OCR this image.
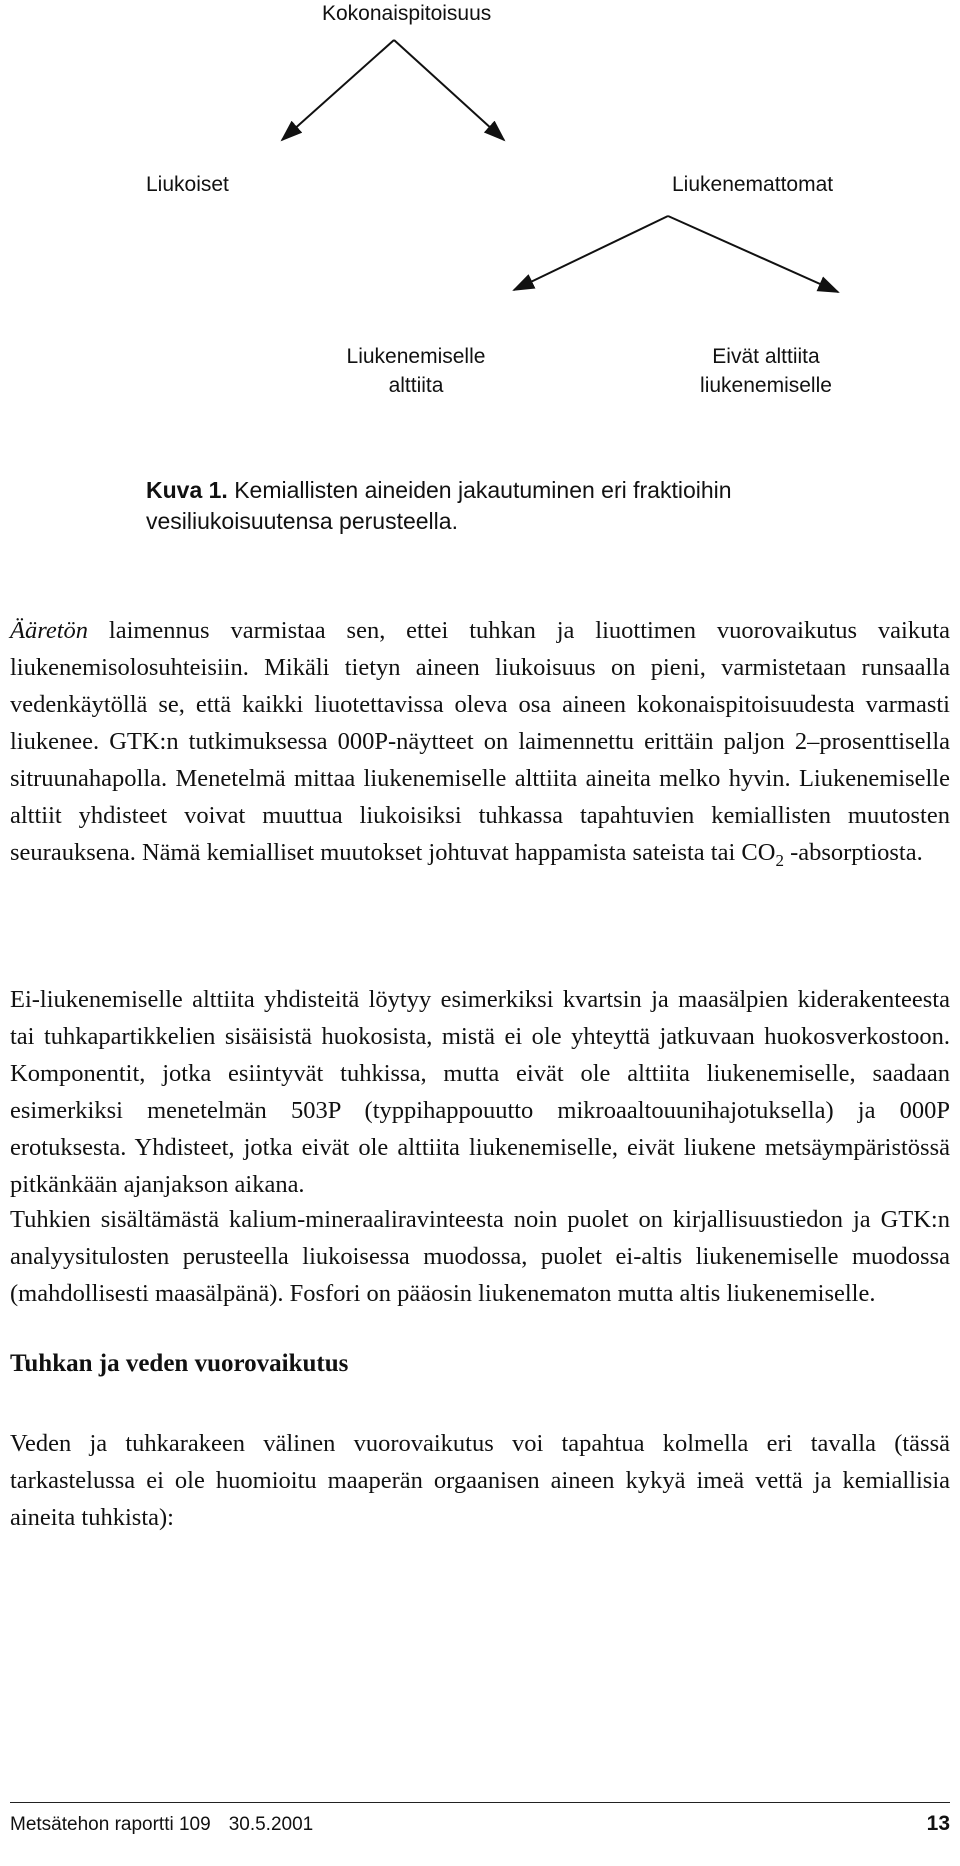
Kokonaispitoisuus
Liukoiset	Liukenemattomat
Liukenemiselle
alttiita
Eivät alttiita
liukenemiselle
Kuva 1. Kemiallisten aineiden jakautuminen eri fraktioihin
vesiliukoisuutensa perusteella.
Ääretön laimennus varmistaa sen, ettei tuhkan ja liuottimen vuorovaikutus vaikuta liukenemisolosuhteisiin. Mikäli tietyn aineen liukoisuus on pieni, varmistetaan runsaalla vedenkäytöllä se, että kaikki liuotettavissa oleva osa aineen kokonaispitoisuudesta varmasti liukenee. GTK:n tutkimuksessa 000P-näytteet on laimennettu erittäin paljon 2–prosenttisella sitruunahapolla. Menetelmä mittaa liukenemiselle alttiita aineita melko hyvin. Liukenemiselle alttiit yhdisteet voivat muuttua liukoisiksi tuhkassa tapahtuvien kemiallisten muutosten seurauksena. Nämä kemialliset muutokset johtuvat happamista sateista tai $CO_2$ -absorptiosta.
Ei-liukenemiselle alttiita yhdisteitä löytyy esimerkiksi kvartsin ja maasälpien kiderakenteesta tai tuhkapartikkelien sisäisistä huokosista, mistä ei ole yhteyttä jatkuvaan huokosverkostoon. Komponentit, jotka esiintyvät tuhkissa, mutta eivät ole alttiita liukenemiselle, saadaan esimerkiksi menetelmän 503P (typpihappouutto mikroaaltouunihajotuksella) ja 000P erotuksesta. Yhdisteet, jotka eivät ole alttiita liukenemiselle, eivät liukene metsäympäristössä pitkänkään ajanjakson aikana.
Tuhkien sisältämästä kalium-mineraaliravinteesta noin puolet on kirjallisuustiedon ja GTK:n analyysitulosten perusteella liukoisessa muodossa, puolet ei-altis liukenemiselle muodossa (mahdollisesti maasälpänä). Fosfori on pääosin liukenematon mutta altis liukenemiselle.
Tuhkan ja veden vuorovaikutus
Veden ja tuhkarakeen välinen vuorovaikutus voi tapahtua kolmella eri tavalla (tässä tarkastelussa ei ole huomioitu maaperän orgaanisen aineen kykyä imeä vettä ja kemiallisia aineita tuhkista):
Metsätehon raportti 109 30.5.2001	13
